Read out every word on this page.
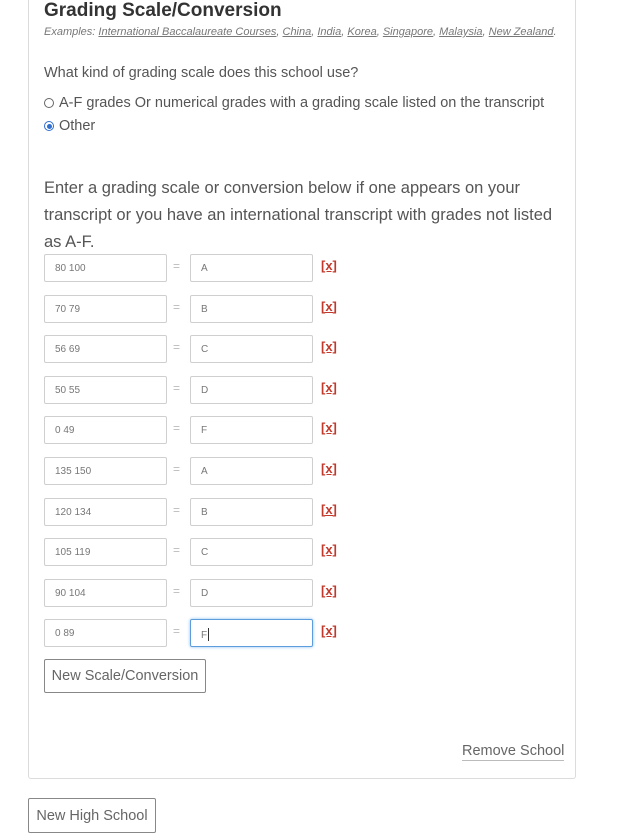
Grading Scale/Conversion
Examples: International Baccalaureate Courses, China, India, Korea, Singapore, Malaysia, New Zealand.
What kind of grading scale does this school use?
A-F grades Or numerical grades with a grading scale listed on the transcript
Other
Enter a grading scale or conversion below if one appears on your transcript or you have an international transcript with grades not listed as A-F.
80 100	=	A	[x]
70 79	=	B	[x]
56 69	=	C	[x]
50 55	=	D	[x]
0 49	=	F	[x]
135 150	=	A	[x]
120 134	=	B	[x]
105 119	=	C	[x]
90 104	=	D	[x]
0 89	=	F	[x]
New Scale/Conversion
Remove School
New High School
